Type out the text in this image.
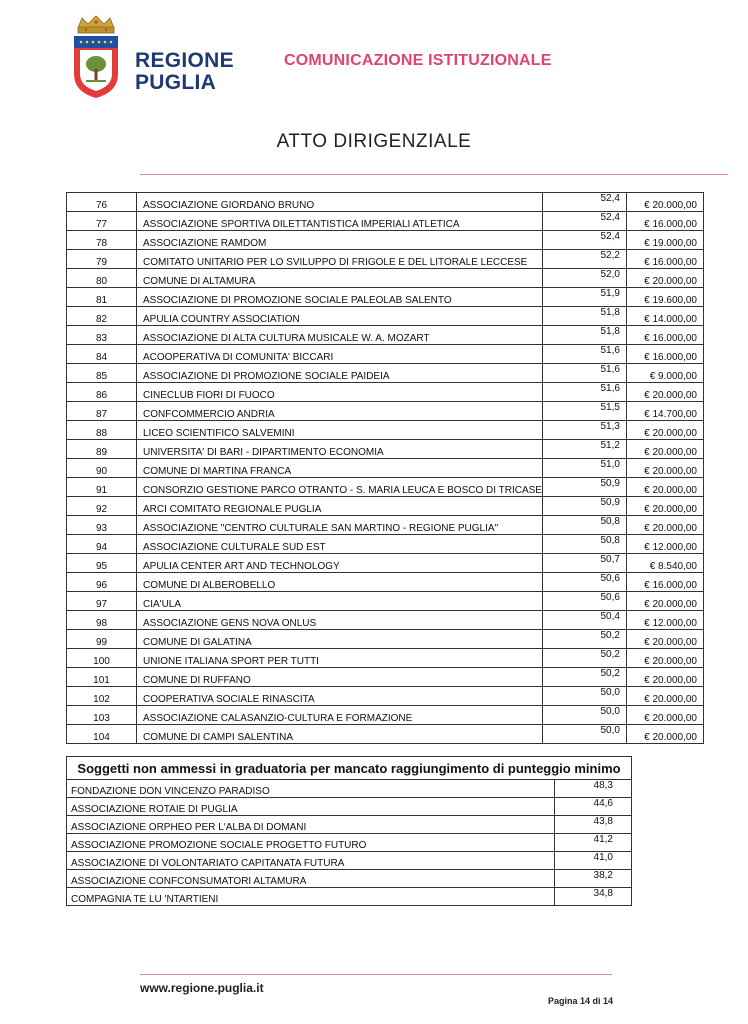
REGIONE
PUGLIA
COMUNICAZIONE ISTITUZIONALE
ATTO DIRIGENZIALE
76	ASSOCIAZIONE GIORDANO BRUNO	52,4	€ 20.000,00
77	ASSOCIAZIONE SPORTIVA DILETTANTISTICA IMPERIALI ATLETICA	52,4	€ 16.000,00
78	ASSOCIAZIONE RAMDOM	52,4	€ 19.000,00
79	COMITATO UNITARIO PER LO SVILUPPO DI FRIGOLE E DEL LITORALE LECCESE	52,2	€ 16.000,00
80	COMUNE DI ALTAMURA	52,0	€ 20.000,00
81	ASSOCIAZIONE DI PROMOZIONE SOCIALE PALEOLAB SALENTO	51,9	€ 19.600,00
82	APULIA COUNTRY ASSOCIATION	51,8	€ 14.000,00
83	ASSOCIAZIONE DI ALTA CULTURA MUSICALE W. A. MOZART	51,8	€ 16.000,00
84	ACOOPERATIVA DI COMUNITA' BICCARI	51,6	€ 16.000,00
85	ASSOCIAZIONE DI PROMOZIONE SOCIALE PAIDEIA	51,6	€ 9.000,00
86	CINECLUB FIORI DI FUOCO	51,6	€ 20.000,00
87	CONFCOMMERCIO ANDRIA	51,5	€ 14.700,00
88	LICEO SCIENTIFICO SALVEMINI	51,3	€ 20.000,00
89	UNIVERSITA' DI BARI - DIPARTIMENTO ECONOMIA	51,2	€ 20.000,00
90	COMUNE DI MARTINA FRANCA	51,0	€ 20.000,00
91	CONSORZIO GESTIONE PARCO OTRANTO - S. MARIA LEUCA E BOSCO DI TRICASE	50,9	€ 20.000,00
92	ARCI COMITATO REGIONALE PUGLIA	50,9	€ 20.000,00
93	ASSOCIAZIONE "CENTRO CULTURALE SAN MARTINO - REGIONE PUGLIA"	50,8	€ 20.000,00
94	ASSOCIAZIONE CULTURALE SUD EST	50,8	€ 12.000,00
95	APULIA CENTER ART AND TECHNOLOGY	50,7	€ 8.540,00
96	COMUNE DI ALBEROBELLO	50,6	€ 16.000,00
97	CIA'ULA	50,6	€ 20.000,00
98	ASSOCIAZIONE GENS NOVA ONLUS	50,4	€ 12.000,00
99	COMUNE DI GALATINA	50,2	€ 20.000,00
100	UNIONE ITALIANA SPORT PER TUTTI	50,2	€ 20.000,00
101	COMUNE DI RUFFANO	50,2	€ 20.000,00
102	COOPERATIVA SOCIALE RINASCITA	50,0	€ 20.000,00
103	ASSOCIAZIONE CALASANZIO-CULTURA E FORMAZIONE	50,0	€ 20.000,00
104	COMUNE DI CAMPI SALENTINA	50,0	€ 20.000,00
Soggetti non ammessi in graduatoria per mancato raggiungimento di punteggio minimo	
FONDAZIONE DON VINCENZO PARADISO	48,3
ASSOCIAZIONE ROTAIE DI PUGLIA	44,6
ASSOCIAZIONE ORPHEO PER L'ALBA DI DOMANI	43,8
ASSOCIAZIONE PROMOZIONE SOCIALE PROGETTO FUTURO	41,2
ASSOCIAZIONE DI VOLONTARIATO CAPITANATA FUTURA	41,0
ASSOCIAZIONE CONFCONSUMATORI ALTAMURA	38,2
COMPAGNIA TE LU 'NTARTIENI	34,8
www.regione.puglia.it
Pagina 14 di 14
